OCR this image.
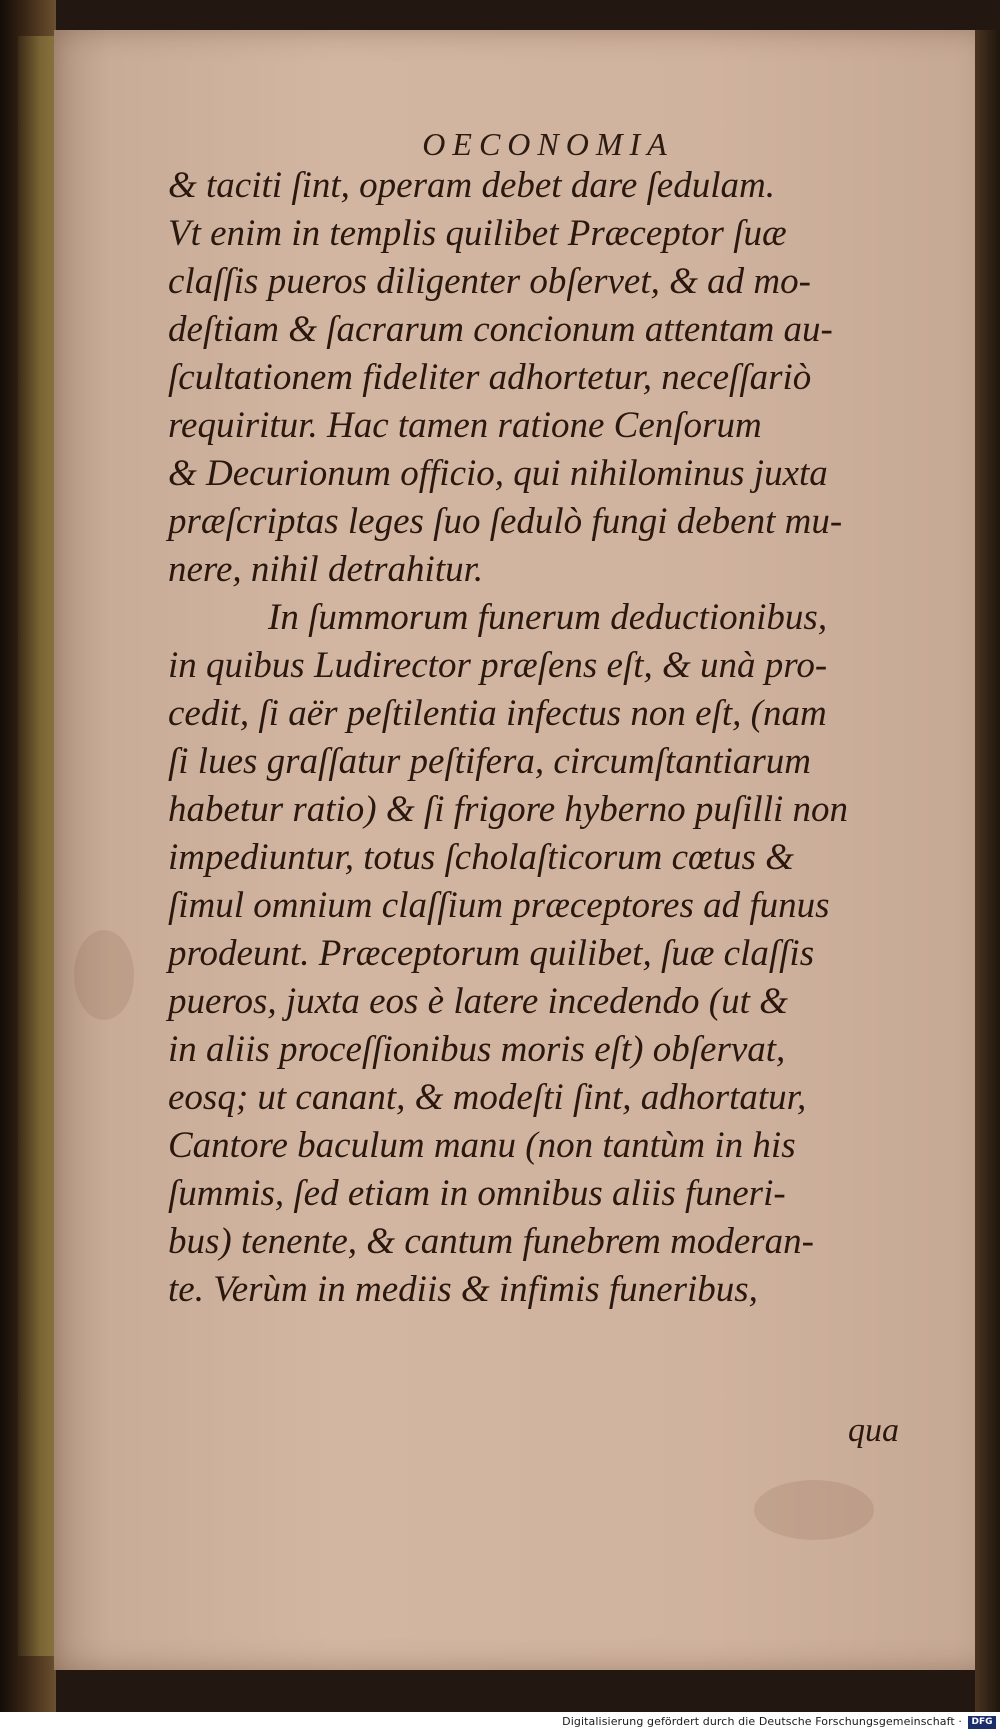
OECONOMIA
& taciti ſint, operam debet dare ſedulam.
Vt enim in templis quilibet Præceptor ſuæ
claſſis pueros diligenter obſervet, & ad mo-
deſtiam & ſacrarum concionum attentam au-
ſcultationem fideliter adhortetur, neceſſariò
requiritur. Hac tamen ratione Cenſorum
& Decurionum officio, qui nihilominus juxta
præſcriptas leges ſuo ſedulò fungi debent mu-
nere, nihil detrahitur.
In ſummorum funerum deductionibus,
in quibus Ludirector præſens eſt, & unà pro-
cedit, ſi aër peſtilentia infectus non eſt, (nam
ſi lues graſſatur peſtifera, circumſtantiarum
habetur ratio) & ſi frigore hyberno puſilli non
impediuntur, totus ſcholaſticorum cœtus &
ſimul omnium claſſium præceptores ad funus
prodeunt. Præceptorum quilibet, ſuæ claſſis
pueros, juxta eos è latere incedendo (ut &
in aliis proceſſionibus moris eſt) obſervat,
eosq; ut canant, & modeſti ſint, adhortatur,
Cantore baculum manu (non tantùm in his
ſummis, ſed etiam in omnibus aliis funeri-
bus) tenente, & cantum funebrem moderan-
te. Verùm in mediis & infimis funeribus,
qua
Digitalisierung gefördert durch die Deutsche Forschungsgemeinschaft ·	DFG
